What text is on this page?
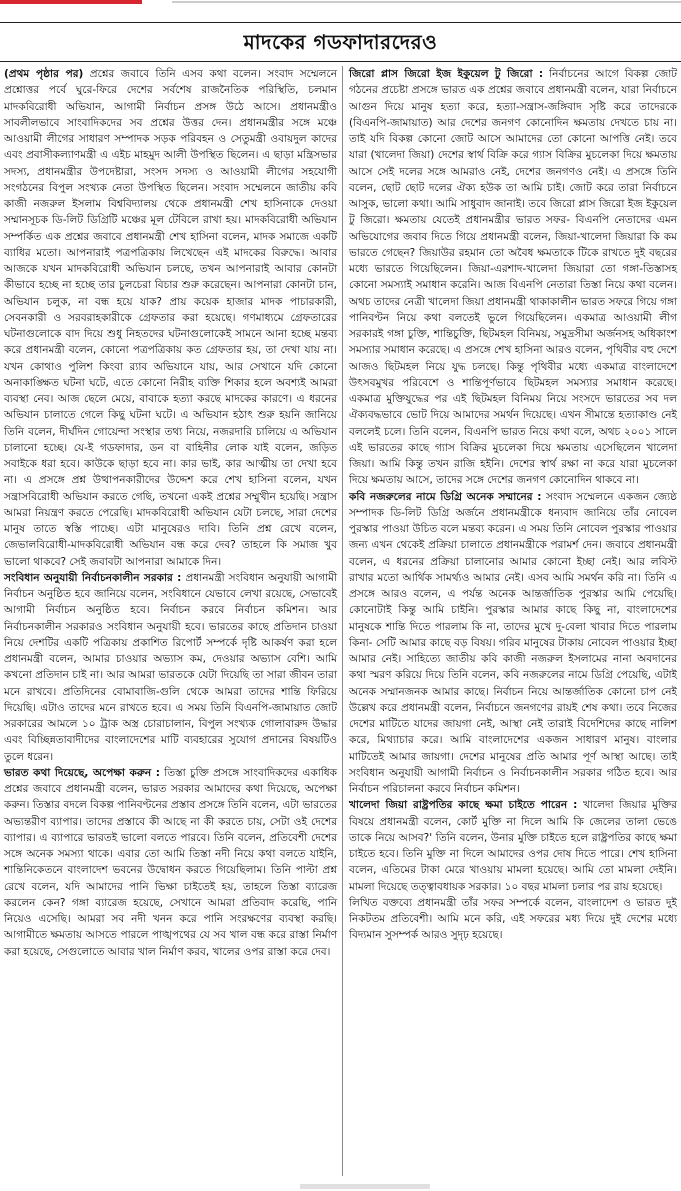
মাদকের গডফাদারদেরও

(প্রথম পৃষ্ঠার পর) প্রশ্নের জবাবে তিনি এসব কথা বলেন। সংবাদ সম্মেলনে প্রশ্নোত্তর পর্বে ঘুরে-ফিরে দেশের সর্বশেষ রাজনৈতিক পরিস্থিতি, চলমান মাদকবিরোধী অভিযান, আগামী নির্বাচন প্রসঙ্গ উঠে আসে। প্রধানমন্ত্রীও সাবলীলভাবে সাংবাদিকদের সব প্রশ্নের উত্তর দেন। প্রধানমন্ত্রীর সঙ্গে মঞ্চে আওয়ামী লীগের সাধারণ সম্পাদক সড়ক পরিবহন ও সেতুমন্ত্রী ওবায়দুল কাদের এবং প্রবাসীকল্যাণমন্ত্রী এ এইচ মাহমুদ আলী উপস্থিত ছিলেন। এ ছাড়া মন্ত্রিসভার সদস্য, প্রধানমন্ত্রীর উপদেষ্টারা, সংসদ সদস্য ও আওয়ামী লীগের সহযোগী সংগঠনের বিপুল সংখ্যক নেতা উপস্থিত ছিলেন। সংবাদ সম্মেলনে জাতীয় কবি কাজী নজরুল ইসলাম বিশ্ববিদ্যালয় থেকে প্রধানমন্ত্রী শেখ হাসিনাকে দেওয়া সম্মানসূচক ডি-লিট ডিগ্রিটি মঞ্চের মূল টেবিলে রাখা হয়। মাদকবিরোধী অভিযান সম্পর্কিত এক প্রশ্নের জবাবে প্রধানমন্ত্রী শেখ হাসিনা বলেন, মাদক সমাজে একটি ব্যাধির মতো। আপনারাই পত্রপত্রিকায় লিখেছেন এই মাদকের বিরুদ্ধে। আবার আজকে যখন মাদকবিরোধী অভিযান চলছে, তখন আপনারাই আবার কোনটা কীভাবে হচ্ছে না হচ্ছে তার চুলচেরা বিচার শুরু করেছেন। আপনারা কোনটা চান, অভিযান চলুক, না বন্ধ হয়ে যাক? প্রায় কয়েক হাজার মাদক পাচারকারী, সেবনকারী ও সরবরাহকারীকে গ্রেফতার করা হয়েছে। গণমাধ্যমে গ্রেফতারের ঘটনাগুলোকে বাদ দিয়ে শুধু নিহতদের ঘটনাগুলোকেই সামনে আনা হচ্ছে মন্তব্য করে প্রধানমন্ত্রী বলেন, কোনো পত্রপত্রিকায় কত গ্রেফতার হয়, তা দেখা যায় না। যখন কোথাও পুলিশ কিংবা র‍্যাব অভিযানে যায়, আর সেখানে যদি কোনো অনাকাঙ্ক্ষিত ঘটনা ঘটে, এতে কোনো নিরীহ ব্যক্তি শিকার হলে অবশ্যই আমরা ব্যবস্থা নেব। আজ ছেলে মেয়ে, বাবাকে হত্যা করছে মাদকের কারণে। এ ধরনের অভিযান চালাতে গেলে কিছু ঘটনা ঘটে। এ অভিযান হঠাৎ শুরু হয়নি জানিয়ে তিনি বলেন, দীর্ঘদিন গোয়েন্দা সংস্থার তথ্য নিয়ে, নজরদারি চালিয়ে এ অভিযান চালানো হচ্ছে। যে-ই গডফাদার, ডন বা বাহিনীর লোক যাই বলেন, জড়িত সবাইকে ধরা হবে। কাউকে ছাড়া হবে না। কার ভাই, কার আত্মীয় তা দেখা হবে না। এ প্রসঙ্গে প্রশ্ন উত্থাপনকারীদের উদ্দেশ করে শেখ হাসিনা বলেন, যখন সন্ত্রাসবিরোধী অভিযান করতে গেছি, তখনো একই প্রশ্নের সম্মুখীন হয়েছি। সন্ত্রাস আমরা নিয়ন্ত্রণ করতে পেরেছি। মাদকবিরোধী অভিযান যেটা চলছে, সারা দেশের মানুষ তাতে স্বস্তি পাচ্ছে। এটা মানুষেরও দাবি। তিনি প্রশ্ন রেখে বলেন, জেভালবিরোধী-মাদকবিরোধী অভিযান বন্ধ করে দেব? তাহলে কি সমাজ খুব ভালো থাকবে? সেই জবাবটা আপনারা আমাকে দিন।

সংবিধান অনুযায়ী নির্বাচনকালীন সরকার : প্রধানমন্ত্রী সংবিধান অনুযায়ী আগামী নির্বাচন অনুষ্ঠিত হবে জানিয়ে বলেন, সংবিধানে যেভাবে লেখা রয়েছে, সেভাবেই আগামী নির্বাচন অনুষ্ঠিত হবে। নির্বাচন করবে নির্বাচন কমিশন। আর নির্বাচনকালীন সরকারও সংবিধান অনুযায়ী হবে। ভারতের কাছে প্রতিদান চাওয়া নিয়ে দেশটির একটি পত্রিকায় প্রকাশিত রিপোর্ট সম্পর্কে দৃষ্টি আকর্ষণ করা হলে প্রধানমন্ত্রী বলেন, আমার চাওয়ার অভ্যাস কম, দেওয়ার অভ্যাস বেশি। আমি কখনো প্রতিদান চাই না। আর আমরা ভারতকে যেটা দিয়েছি তা সারা জীবন তারা মনে রাখবে। প্রতিদিনের বোমাবাজি-গুলি থেকে আমরা তাদের শান্তি ফিরিয়ে দিয়েছি। এটাও তাদের মনে রাখতে হবে। এ সময় তিনি বিএনপি-জামায়াত জোট সরকারের আমলে ১০ ট্রাক অস্ত্র চোরাচালান, বিপুল সংখ্যক গোলাবারুদ উদ্ধার এবং বিচ্ছিন্নতাবাদীদের বাংলাদেশের মাটি ব্যবহারের সুযোগ প্রদানের বিষয়টিও তুলে ধরেন।

ভারত কথা দিয়েছে, অপেক্ষা করুন : তিস্তা চুক্তি প্রসঙ্গে সাংবাদিকদের একাধিক প্রশ্নের জবাবে প্রধানমন্ত্রী বলেন, ভারত সরকার আমাদের কথা দিয়েছে, অপেক্ষা করুন। তিস্তার বদলে বিকল্প পানিবণ্টনের প্রস্তাব প্রসঙ্গে তিনি বলেন, এটা ভারতের অভ্যন্তরীণ ব্যাপার। তাদের প্রস্তাবে কী আছে না কী করতে চায়, সেটা ওই দেশের ব্যাপার। এ ব্যাপারে ভারতই ভালো বলতে পারবে। তিনি বলেন, প্রতিবেশী দেশের সঙ্গে অনেক সমস্যা থাকে। এবার তো আমি তিস্তা নদী নিয়ে কথা বলতে যাইনি, শান্তিনিকেতনে বাংলাদেশ ভবনের উদ্বোধন করতে গিয়েছিলাম। তিনি পাল্টা প্রশ্ন রেখে বলেন, যদি আমাদের পানি ভিক্ষা চাইতেই হয়, তাহলে তিস্তা ব্যারেজ করলেন কেন? গঙ্গা ব্যারেজ হয়েছে, সেখানে আমরা প্রতিবাদ করেছি, পানি নিয়েও এসেছি। আমরা সব নদী খনন করে পানি সংরক্ষণের ব্যবস্থা করছি। আগামীতে ক্ষমতায় আসতে পারলে পাঙ্খপথের যে সব খাল বন্ধ করে রাস্তা নির্মাণ করা হয়েছে, সেগুলোতে আবার খাল নির্মাণ করব, খালের ওপর রাস্তা করে দেব।

জিরো প্লাস জিরো ইজ ইকুয়েল টু জিরো : নির্বাচনের আগে বিকল্প জোট গঠনের প্রচেষ্টা প্রসঙ্গে ভারত এক প্রশ্নের জবাবে প্রধানমন্ত্রী বলেন, যারা নির্বাচনে আগুন দিয়ে মানুষ হত্যা করে, হত্যা-সন্ত্রাস-জঙ্গিবাদ সৃষ্টি করে তাদেরকে (বিএনপি-জামায়াত) আর দেশের জনগণ কোনোদিন ক্ষমতায় দেখতে চায় না। তাই যদি বিকল্প কোনো জোট আসে আমাদের তো কোনো আপত্তি নেই। তবে যারা (খালেদা জিয়া) দেশের স্বার্থ বিক্রি করে গ্যাস বিক্রির মুচলেকা দিয়ে ক্ষমতায় আসে সেই দলের সঙ্গে আমরাও নেই, দেশের জনগণও নেই। এ প্রসঙ্গে তিনি বলেন, ছোট ছোট দলের ঐক্য হউক তা আমি চাই। জোট করে তারা নির্বাচনে আসুক, ভালো কথা। আমি সাধুবাদ জানাই। তবে জিরো প্লাস জিরো ইজ ইকুয়েল টু জিরো। ক্ষমতায় যেতেই প্রধানমন্ত্রীর ভারত সফর- বিএনপি নেতাদের এমন অভিযোগের জবাব দিতে গিয়ে প্রধানমন্ত্রী বলেন, জিয়া-খালেদা জিয়ারা কি কম ভারতে গেছেন? জিয়াউর রহমান তো অবৈধ ক্ষমতাকে টিকে রাখতে দুই বছরের মধ্যে ভারতে গিয়েছিলেন। জিয়া-এরশাদ-খালেদা জিয়ারা তো গঙ্গা-তিস্তাসহ কোনো সমস্যাই সমাধান করেনি। আজ বিএনপি নেতারা তিস্তা নিয়ে কথা বলেন। অথচ তাদের নেত্রী খালেদা জিয়া প্রধানমন্ত্রী থাকাকালীন ভারত সফরে গিয়ে গঙ্গা পানিবণ্টন নিয়ে কথা বলতেই ভুলে গিয়েছিলেন। একমাত্র আওয়ামী লীগ সরকারই গঙ্গা চুক্তি, শান্তিচুক্তি, ছিটমহল বিনিময়, সমুদ্রসীমা অর্জনসহ অধিকাংশ সমস্যার সমাধান করেছে। এ প্রসঙ্গে শেখ হাসিনা আরও বলেন, পৃথিবীর বহু দেশে আজও ছিটমহল নিয়ে যুদ্ধ চলছে। কিন্তু পৃথিবীর মধ্যে একমাত্র বাংলাদেশে উৎসবমুখর পরিবেশে ও শান্তিপূর্ণভাবে ছিটমহল সমস্যার সমাধান করেছে। একমাত্র মুক্তিযুদ্ধের পর এই ছিটমহল বিনিময় নিয়ে সংসদে ভারতের সব দল ঐক্যবদ্ধভাবে ভোট দিয়ে আমাদের সমর্থন দিয়েছে। এখন সীমান্তে হত্যাকাণ্ড নেই বললেই চলে। তিনি বলেন, বিএনপি ভারত নিয়ে কথা বলে, অথচ ২০০১ সালে এই ভারতের কাছে গ্যাস বিক্রির মুচলেকা দিয়ে ক্ষমতায় এসেছিলেন খালেদা জিয়া। আমি কিন্তু তখন রাজি হইনি। দেশের স্বার্থ রক্ষা না করে যারা মুচলেকা দিয়ে ক্ষমতায় আসে, তাদের সঙ্গে দেশের জনগণ কোনোদিন থাকবে না।

কবি নজরুলের নামে ডিগ্রি অনেক সম্মানের : সংবাদ সম্মেলনে একজন জ্যেষ্ঠ সম্পাদক ডি-লিট ডিগ্রি অর্জনে প্রধানমন্ত্রীকে ধন্যবাদ জানিয়ে তাঁর নোবেল পুরস্কার পাওয়া উচিত বলে মন্তব্য করেন। এ সময় তিনি নোবেল পুরস্কার পাওয়ার জন্য এখন থেকেই প্রক্রিয়া চালাতে প্রধানমন্ত্রীকে পরামর্শ দেন। জবাবে প্রধানমন্ত্রী বলেন, এ ধরনের প্রক্রিয়া চালানোর আমার কোনো ইচ্ছা নেই। আর লবিস্ট রাখার মতো আর্থিক সামর্থ্যও আমার নেই। এসব আমি সমর্থন করি না। তিনি এ প্রসঙ্গে আরও বলেন, এ পর্যন্ত অনেক আন্তর্জাতিক পুরস্কার আমি পেয়েছি। কোনোটাই কিন্তু আমি চাইনি। পুরস্কার আমার কাছে কিছু না, বাংলাদেশের মানুষকে শান্তি দিতে পারলাম কি না, তাদের মুখে দু-বেলা খাবার দিতে পারলাম কিনা- সেটি আমার কাছে বড় বিষয়। গরিব মানুষের টাকায় নোবেল পাওয়ার ইচ্ছা আমার নেই। সাহিত্যে জাতীয় কবি কাজী নজরুল ইসলামের নানা অবদানের কথা স্মরণ করিয়ে দিয়ে তিনি বলেন, কবি নজরুলের নামে ডিগ্রি পেয়েছি, এটাই অনেক সম্মানজনক আমার কাছে। নির্বাচন নিয়ে আন্তর্জাতিক কোনো চাপ নেই উল্লেখ করে প্রধানমন্ত্রী বলেন, নির্বাচনে জনগণের রায়ই শেষ কথা। তবে নিজের দেশের মাটিতে যাদের জায়গা নেই, আস্থা নেই তারাই বিদেশিদের কাছে নালিশ করে, মিথ্যাচার করে। আমি বাংলাদেশের একজন সাধারণ মানুষ। বাংলার মাটিতেই আমার জায়গা। দেশের মানুষের প্রতি আমার পূর্ণ আস্থা আছে। তাই সংবিধান অনুযায়ী আগামী নির্বাচন ও নির্বাচনকালীন সরকার গঠিত হবে। আর নির্বাচন পরিচালনা করবে নির্বাচন কমিশন।

খালেদা জিয়া রাষ্ট্রপতির কাছে ক্ষমা চাইতে পারেন : খালেদা জিয়ার মুক্তির বিষয়ে প্রধানমন্ত্রী বলেন, কোর্ট মুক্তি না দিলে আমি কি জেলের তালা ভেঙে তাকে নিয়ে আসব?' তিনি বলেন, উনার মুক্তি চাইতে হলে রাষ্ট্রপতির কাছে ক্ষমা চাইতে হবে। তিনি মুক্তি না দিলে আমাদের ওপর দোষ দিতে পারে। শেখ হাসিনা বলেন, এতিমের টাকা মেরে খাওয়ায় মামলা হয়েছে। আমি তো মামলা দেইনি। মামলা দিয়েছে তত্ত্বাবধায়ক সরকার। ১০ বছর মামলা চলার পর রায় হয়েছে।

লিখিত বক্তব্যে প্রধানমন্ত্রী তাঁর সফর সম্পর্কে বলেন, বাংলাদেশ ও ভারত দুই নিকটতম প্রতিবেশী। আমি মনে করি, এই সফরের মধ্য দিয়ে দুই দেশের মধ্যে বিদ্যমান সুসম্পর্ক আরও সুদৃঢ় হয়েছে।
